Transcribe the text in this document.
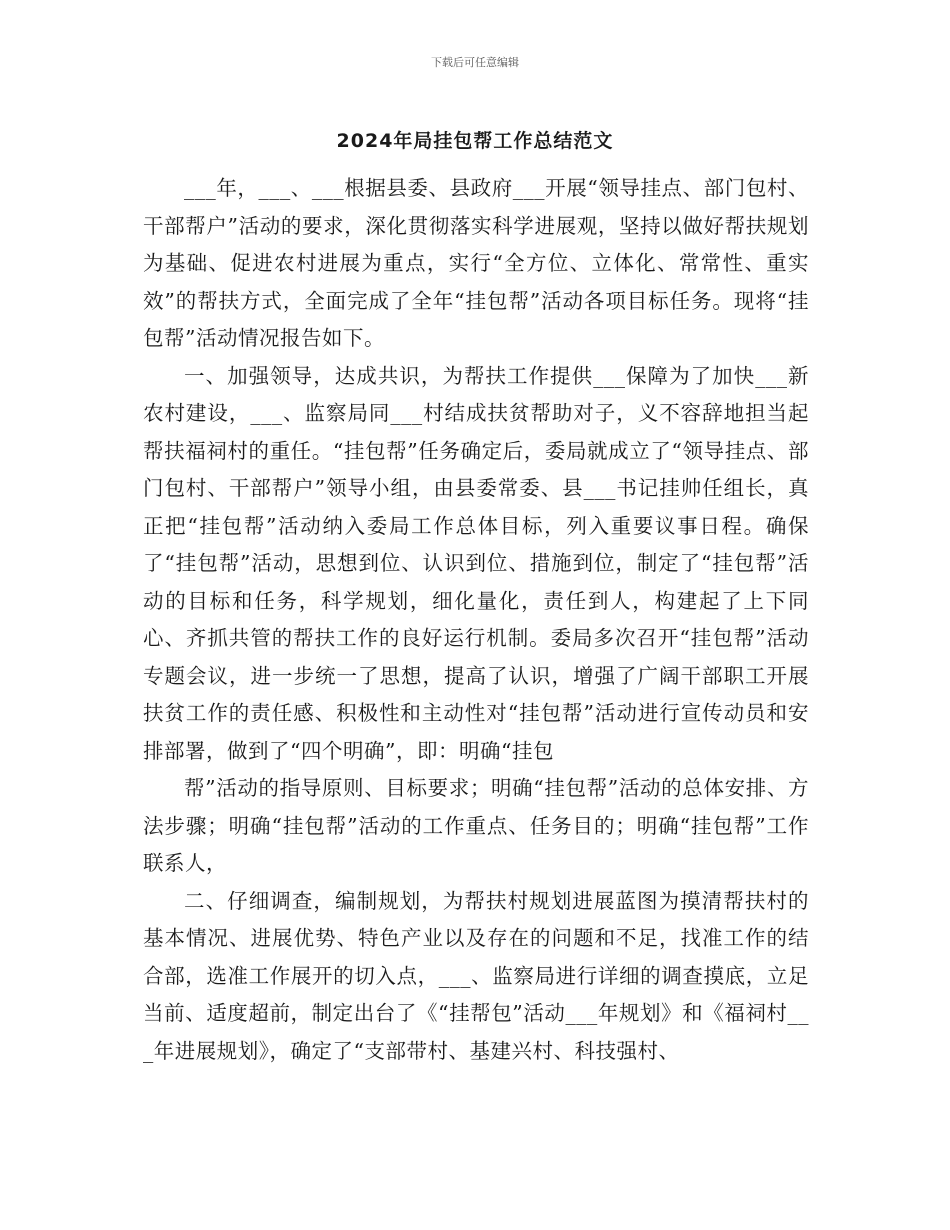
下载后可任意编辑
2024年局挂包帮工作总结范文

___年，___、___根据县委、县政府___开展“领导挂点、部门包村、干部帮户”活动的要求，深化贯彻落实科学进展观，坚持以做好帮扶规划为基础、促进农村进展为重点，实行“全方位、立体化、常常性、重实效”的帮扶方式，全面完成了全年“挂包帮”活动各项目标任务。现将“挂包帮”活动情况报告如下。

一、加强领导，达成共识，为帮扶工作提供___保障为了加快___新农村建设，___、监察局同___村结成扶贫帮助对子，义不容辞地担当起帮扶福祠村的重任。“挂包帮”任务确定后，委局就成立了“领导挂点、部门包村、干部帮户”领导小组，由县委常委、县___书记挂帅任组长，真正把“挂包帮”活动纳入委局工作总体目标，列入重要议事日程。确保了“挂包帮”活动，思想到位、认识到位、措施到位，制定了“挂包帮”活动的目标和任务，科学规划，细化量化，责任到人，构建起了上下同心、齐抓共管的帮扶工作的良好运行机制。委局多次召开“挂包帮”活动专题会议，进一步统一了思想，提高了认识，增强了广阔干部职工开展扶贫工作的责任感、积极性和主动性对“挂包帮”活动进行宣传动员和安排部署，做到了“四个明确”，即：明确“挂包

帮”活动的指导原则、目标要求；明确“挂包帮”活动的总体安排、方法步骤；明确“挂包帮”活动的工作重点、任务目的；明确“挂包帮”工作联系人，

二、仔细调查，编制规划，为帮扶村规划进展蓝图为摸清帮扶村的基本情况、进展优势、特色产业以及存在的问题和不足，找准工作的结合部，选准工作展开的切入点，___、监察局进行详细的调查摸底，立足当前、适度超前，制定出台了《“挂帮包”活动___年规划》和《福祠村___年进展规划》，确定了“支部带村、基建兴村、科技强村、
